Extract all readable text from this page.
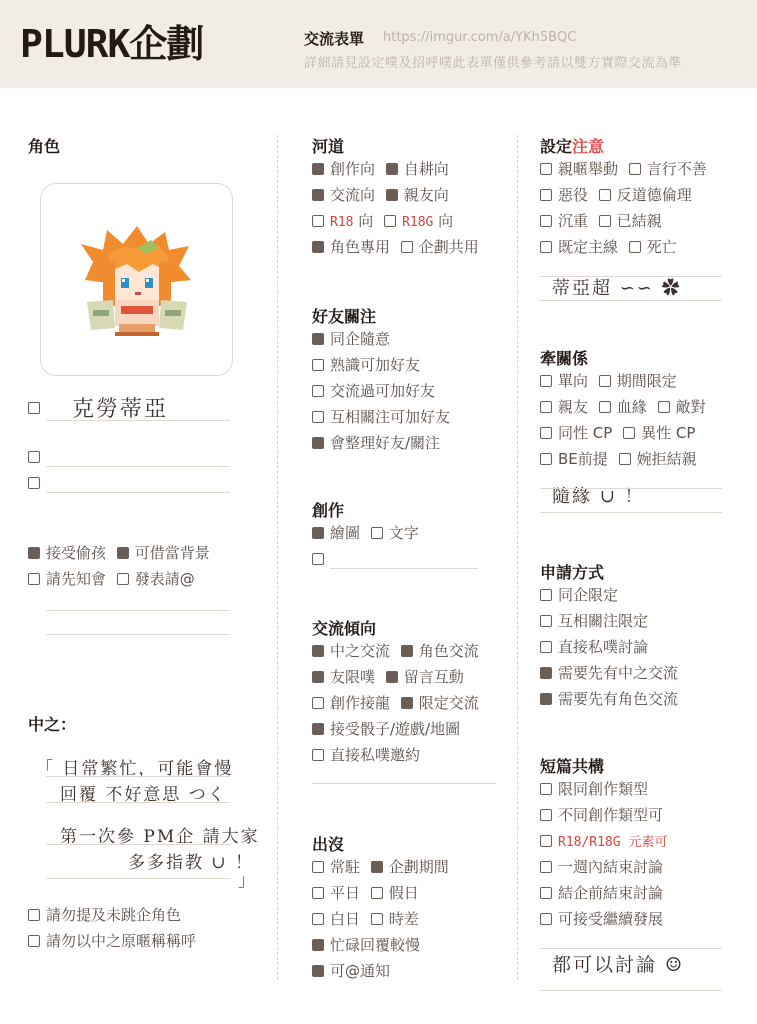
PLURK企劃	交流表單 https://imgur.com/a/YKh5BQC
詳細請見設定噗及招呼噗此表單僅供參考請以雙方實際交流為準
角色
克勞蒂亞
接受偷孩 可借當背景
請先知會 發表請@
中之：
「 日常繁忙，可能會慢
回覆 不好意思 つく
第一次參 PM企 請大家
多多指教 ∪ ！
」
請勿提及未跳企角色
請勿以中之原暱稱稱呼
河道
創作向 自耕向
交流向 親友向
R18 向 R18G 向
角色專用 企劃共用
好友關注
同企隨意
熟識可加好友
交流過可加好友
互相關注可加好友
會整理好友/關注
創作
繪圖 文字
交流傾向
中之交流 角色交流
友限噗 留言互動
創作接龍 限定交流
接受骰子/遊戲/地圖
直接私噗邀約
出沒
常駐 企劃期間
平日 假日
白日 時差
忙碌回覆較慢
可@通知
設定注意
親暱舉動 言行不善
惡役 反道德倫理
沉重 已結親
既定主線 死亡
蒂亞超 ∽∽ ✿
牽關係
單向 期間限定
親友 血緣 敵對
同性 CP 異性 CP
BE前提 婉拒結親
隨緣 ∪ ！
申請方式
同企限定
互相關注限定
直接私噗討論
需要先有中之交流
需要先有角色交流
短篇共構
限同創作類型
不同創作類型可
R18/R18G 元素可
一週內結束討論
結企前結束討論
可接受繼續發展
都可以討論 ☺
